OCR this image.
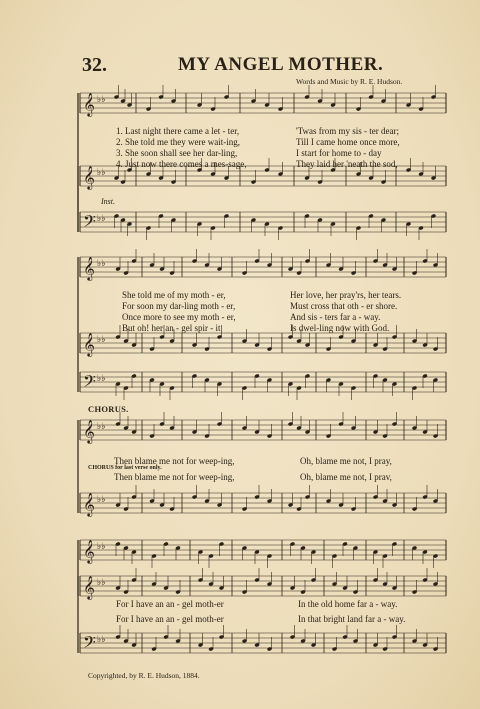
32.	MY ANGEL MOTHER.
Words and Music by R. E. Hudson.
𝄞 ♭♭
𝄞 ♭♭
𝄢 ♭♭
𝄞 ♭♭
𝄞 ♭♭
𝄢 ♭♭
𝄞 ♭♭
𝄞 ♭♭
𝄞 ♭♭
𝄞 ♭♭
𝄢 ♭♭
1. Last night there came a let - ter,	'Twas from my sis - ter dear;
2. She told me they were wait-ing,	Till I came home once more,
3. She soon shall see her dar-ling,	I start for home to - day
4. Just now there comes a mes-sage,	They laid her 'neath the sod,
Inst.
She told me of my moth - er,	Her love, her pray'rs, her tears.
For soon my dar-ling moth - er,	Must cross that oth - er shore.
Once more to see my moth - er,	And sis - ters far a - way.
But oh! her an - gel spir - it	Is dwel-ling now with God.
CHORUS.
Then blame me not for weep-ing,	Oh, blame me not, I pray,
CHORUS for last verse only.
Then blame me not for weep-ing,	Oh, blame me not, I prav,
For I have an an - gel moth-er	In the old home far a - way.
For I have an an - gel moth-er	In that bright land far a - way.
Copyrighted, by R. E. Hudson, 1884.
